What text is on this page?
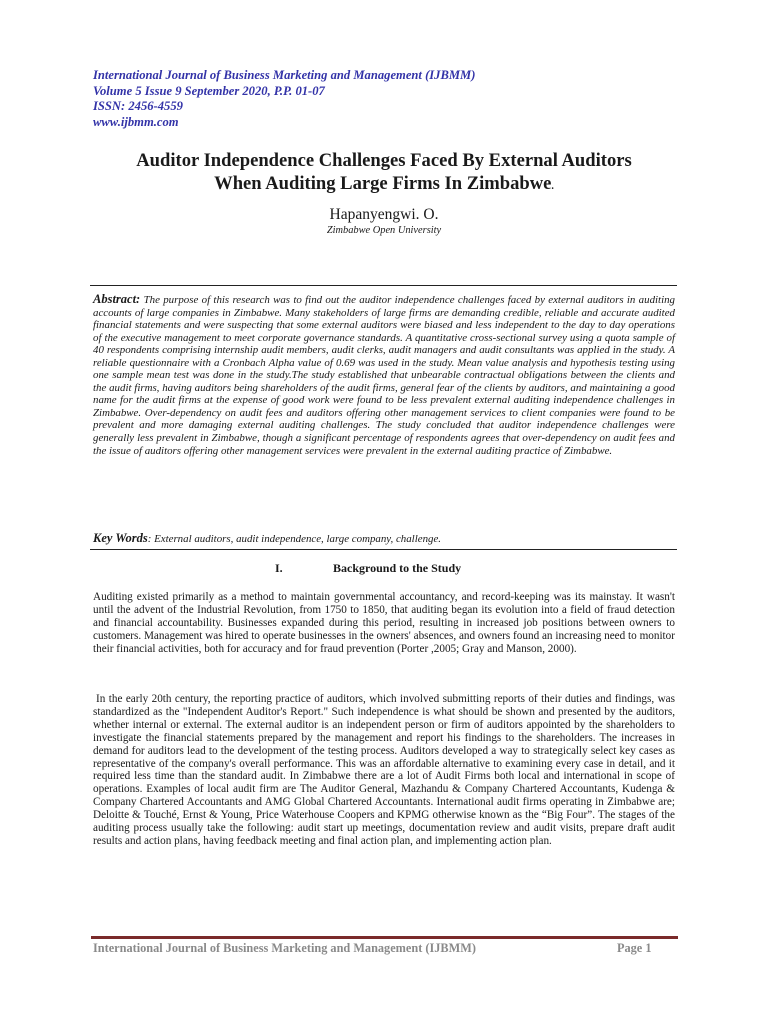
International Journal of Business Marketing and Management (IJBMM)
Volume 5 Issue 9 September 2020, P.P. 01-07
ISSN: 2456-4559
www.ijbmm.com
Auditor Independence Challenges Faced By External Auditors
When Auditing Large Firms In Zimbabwe.
Hapanyengwi. O.
Zimbabwe Open University
Abstract: The purpose of this research was to find out the auditor independence challenges faced by external auditors in auditing accounts of large companies in Zimbabwe. Many stakeholders of large firms are demanding credible, reliable and accurate audited financial statements and were suspecting that some external auditors were biased and less independent to the day to day operations of the executive management to meet corporate governance standards. A quantitative cross-sectional survey using a quota sample of 40 respondents comprising internship audit members, audit clerks, audit managers and audit consultants was applied in the study. A reliable questionnaire with a Cronbach Alpha value of 0.69 was used in the study. Mean value analysis and hypothesis testing using one sample mean test was done in the study.The study established that unbearable contractual obligations between the clients and the audit firms, having auditors being shareholders of the audit firms, general fear of the clients by auditors, and maintaining a good name for the audit firms at the expense of good work were found to be less prevalent external auditing independence challenges in Zimbabwe. Over-dependency on audit fees and auditors offering other management services to client companies were found to be prevalent and more damaging external auditing challenges. The study concluded that auditor independence challenges were generally less prevalent in Zimbabwe, though a significant percentage of respondents agrees that over-dependency on audit fees and the issue of auditors offering other management services were prevalent in the external auditing practice of Zimbabwe.
Key Words: External auditors, audit independence, large company, challenge.
I.	Background to the Study
Auditing existed primarily as a method to maintain governmental accountancy, and record-keeping was its mainstay. It wasn't until the advent of the Industrial Revolution, from 1750 to 1850, that auditing began its evolution into a field of fraud detection and financial accountability. Businesses expanded during this period, resulting in increased job positions between owners to customers. Management was hired to operate businesses in the owners' absences, and owners found an increasing need to monitor their financial activities, both for accuracy and for fraud prevention (Porter ,2005; Gray and Manson, 2000).
In the early 20th century, the reporting practice of auditors, which involved submitting reports of their duties and findings, was standardized as the "Independent Auditor's Report." Such independence is what should be shown and presented by the auditors, whether internal or external. The external auditor is an independent person or firm of auditors appointed by the shareholders to investigate the financial statements prepared by the management and report his findings to the shareholders. The increases in demand for auditors lead to the development of the testing process. Auditors developed a way to strategically select key cases as representative of the company's overall performance. This was an affordable alternative to examining every case in detail, and it required less time than the standard audit. In Zimbabwe there are a lot of Audit Firms both local and international in scope of operations. Examples of local audit firm are The Auditor General, Mazhandu & Company Chartered Accountants, Kudenga & Company Chartered Accountants and AMG Global Chartered Accountants. International audit firms operating in Zimbabwe are; Deloitte & Touché, Ernst & Young, Price Waterhouse Coopers and KPMG otherwise known as the “Big Four”. The stages of the auditing process usually take the following: audit start up meetings, documentation review and audit visits, prepare draft audit results and action plans, having feedback meeting and final action plan, and implementing action plan.
International Journal of Business Marketing and Management (IJBMM)	Page 1
